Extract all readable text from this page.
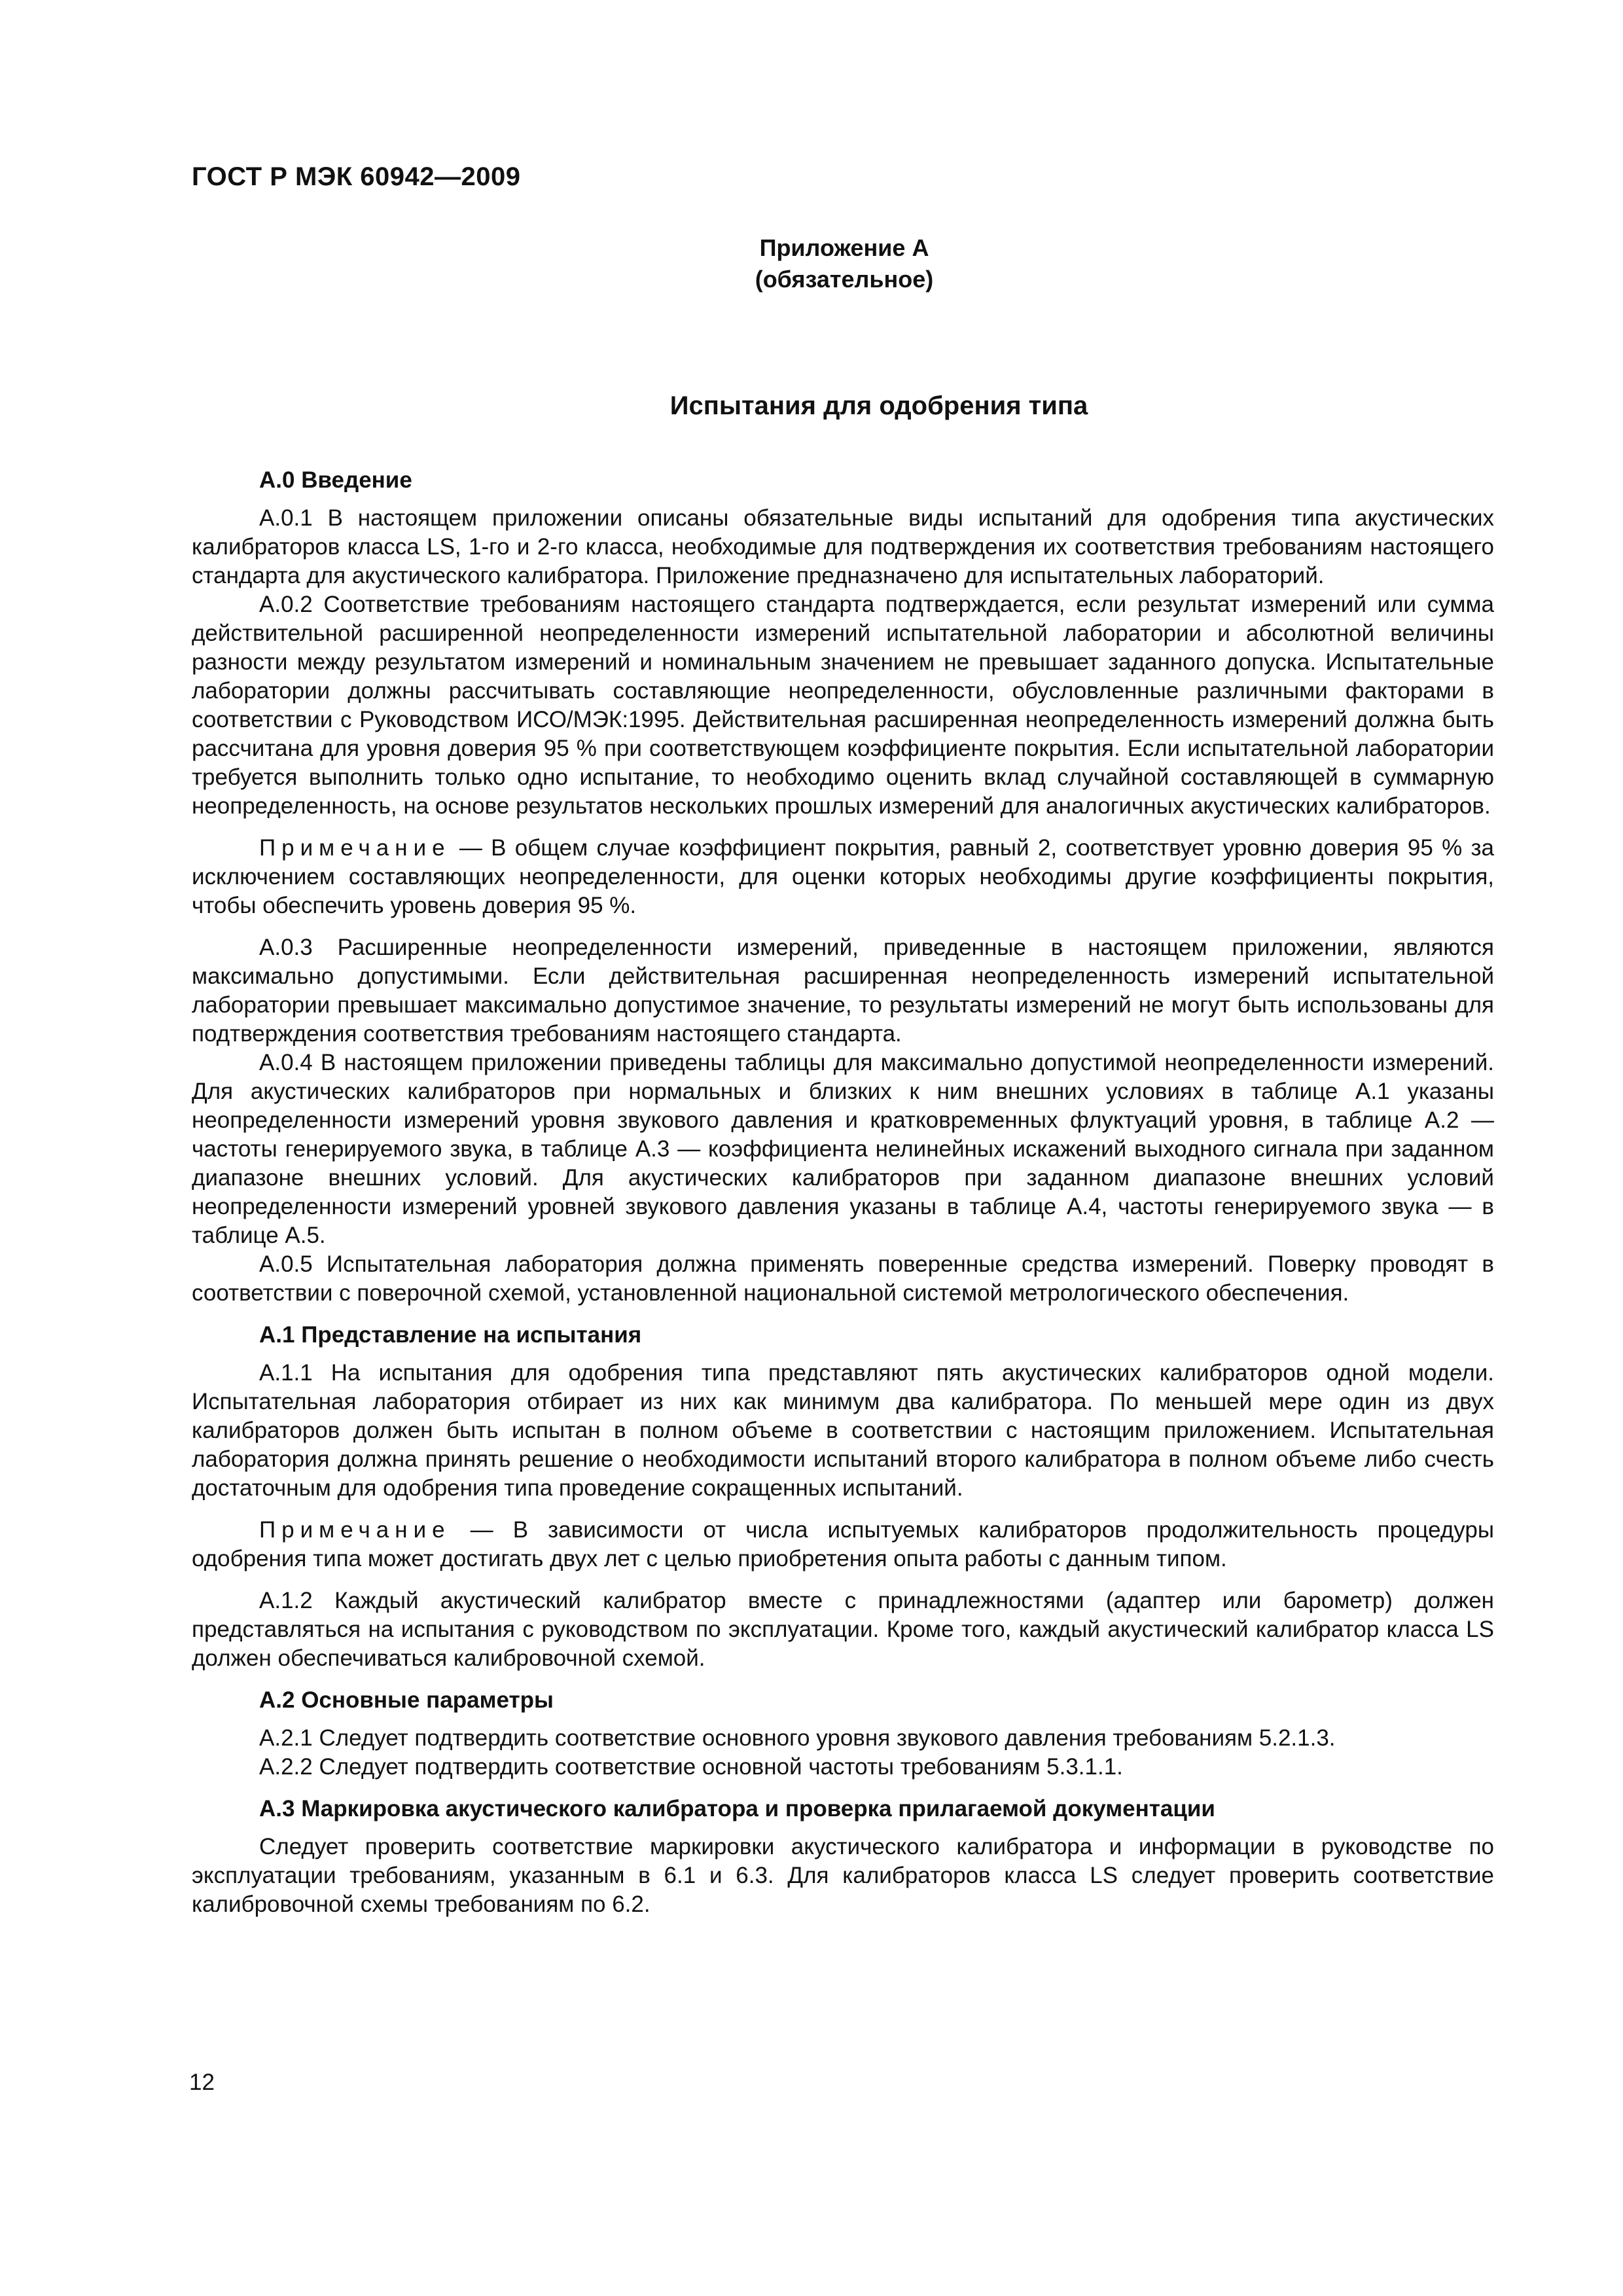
ГОСТ Р МЭК 60942—2009
Приложение А
(обязательное)
Испытания для одобрения типа

А.0 Введение

А.0.1 В настоящем приложении описаны обязательные виды испытаний для одобрения типа акустических калибраторов класса LS, 1-го и 2-го класса, необходимые для подтверждения их соответствия требованиям настоящего стандарта для акустического калибратора. Приложение предназначено для испытательных лабораторий.

А.0.2 Соответствие требованиям настоящего стандарта подтверждается, если результат измерений или сумма действительной расширенной неопределенности измерений испытательной лаборатории и абсолютной величины разности между результатом измерений и номинальным значением не превышает заданного допуска. Испытательные лаборатории должны рассчитывать составляющие неопределенности, обусловленные различными факторами в соответствии с Руководством ИСО/МЭК:1995. Действительная расширенная неопределенность измерений должна быть рассчитана для уровня доверия 95 % при соответствующем коэффициенте покрытия. Если испытательной лаборатории требуется выполнить только одно испытание, то необходимо оценить вклад случайной составляющей в суммарную неопределенность, на основе результатов нескольких прошлых измерений для аналогичных акустических калибраторов.

Примечание — В общем случае коэффициент покрытия, равный 2, соответствует уровню доверия 95 % за исключением составляющих неопределенности, для оценки которых необходимы другие коэффициенты покрытия, чтобы обеспечить уровень доверия 95 %.

А.0.3 Расширенные неопределенности измерений, приведенные в настоящем приложении, являются максимально допустимыми. Если действительная расширенная неопределенность измерений испытательной лаборатории превышает максимально допустимое значение, то результаты измерений не могут быть использованы для подтверждения соответствия требованиям настоящего стандарта.

А.0.4 В настоящем приложении приведены таблицы для максимально допустимой неопределенности измерений. Для акустических калибраторов при нормальных и близких к ним внешних условиях в таблице А.1 указаны неопределенности измерений уровня звукового давления и кратковременных флуктуаций уровня, в таблице А.2 — частоты генерируемого звука, в таблице А.3 — коэффициента нелинейных искажений выходного сигнала при заданном диапазоне внешних условий. Для акустических калибраторов при заданном диапазоне внешних условий неопределенности измерений уровней звукового давления указаны в таблице А.4, частоты генерируемого звука — в таблице А.5.

А.0.5 Испытательная лаборатория должна применять поверенные средства измерений. Поверку проводят в соответствии с поверочной схемой, установленной национальной системой метрологического обеспечения.

А.1 Представление на испытания

А.1.1 На испытания для одобрения типа представляют пять акустических калибраторов одной модели. Испытательная лаборатория отбирает из них как минимум два калибратора. По меньшей мере один из двух калибраторов должен быть испытан в полном объеме в соответствии с настоящим приложением. Испытательная лаборатория должна принять решение о необходимости испытаний второго калибратора в полном объеме либо счесть достаточным для одобрения типа проведение сокращенных испытаний.

Примечание — В зависимости от числа испытуемых калибраторов продолжительность процедуры одобрения типа может достигать двух лет с целью приобретения опыта работы с данным типом.

А.1.2 Каждый акустический калибратор вместе с принадлежностями (адаптер или барометр) должен представляться на испытания с руководством по эксплуатации. Кроме того, каждый акустический калибратор класса LS должен обеспечиваться калибровочной схемой.

А.2 Основные параметры

А.2.1 Следует подтвердить соответствие основного уровня звукового давления требованиям 5.2.1.3.

А.2.2 Следует подтвердить соответствие основной частоты требованиям 5.3.1.1.

А.3 Маркировка акустического калибратора и проверка прилагаемой документации

Следует проверить соответствие маркировки акустического калибратора и информации в руководстве по эксплуатации требованиям, указанным в 6.1 и 6.3. Для калибраторов класса LS следует проверить соответствие калибровочной схемы требованиям по 6.2.

12
